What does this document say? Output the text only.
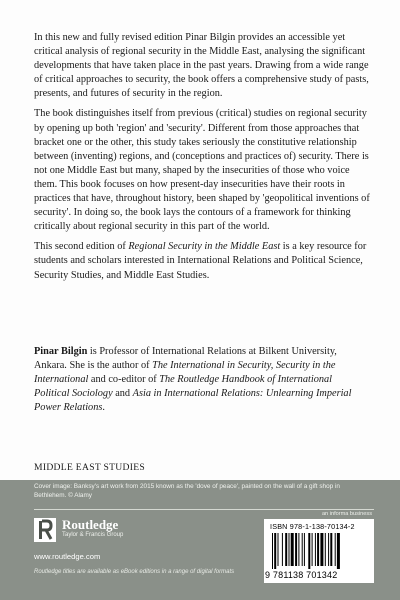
In this new and fully revised edition Pinar Bilgin provides an accessible yet critical analysis of regional security in the Middle East, analysing the significant developments that have taken place in the past years. Drawing from a wide range of critical approaches to security, the book offers a comprehensive study of pasts, presents, and futures of security in the region.

The book distinguishes itself from previous (critical) studies on regional security by opening up both 'region' and 'security'. Different from those approaches that bracket one or the other, this study takes seriously the constitutive relationship between (inventing) regions, and (conceptions and practices of) security. There is not one Middle East but many, shaped by the insecurities of those who voice them. This book focuses on how present-day insecurities have their roots in practices that have, throughout history, been shaped by 'geopolitical inventions of security'. In doing so, the book lays the contours of a framework for thinking critically about regional security in this part of the world.

This second edition of Regional Security in the Middle East is a key resource for students and scholars interested in International Relations and Political Science, Security Studies, and Middle East Studies.

Pinar Bilgin is Professor of International Relations at Bilkent University, Ankara. She is the author of The International in Security, Security in the International and co-editor of The Routledge Handbook of International Political Sociology and Asia in International Relations: Unlearning Imperial Power Relations.

MIDDLE EAST STUDIES
Cover image: Banksy's art work from 2015 known as the 'dove of peace', painted on the wall of a gift shop in Bethlehem. © Alamy
an informa business
Routledge
Taylor & Francis Group
www.routledge.com
Routledge titles are available as eBook editions in a range of digital formats
ISBN 978-1-138-70134-2
9 781138 701342
